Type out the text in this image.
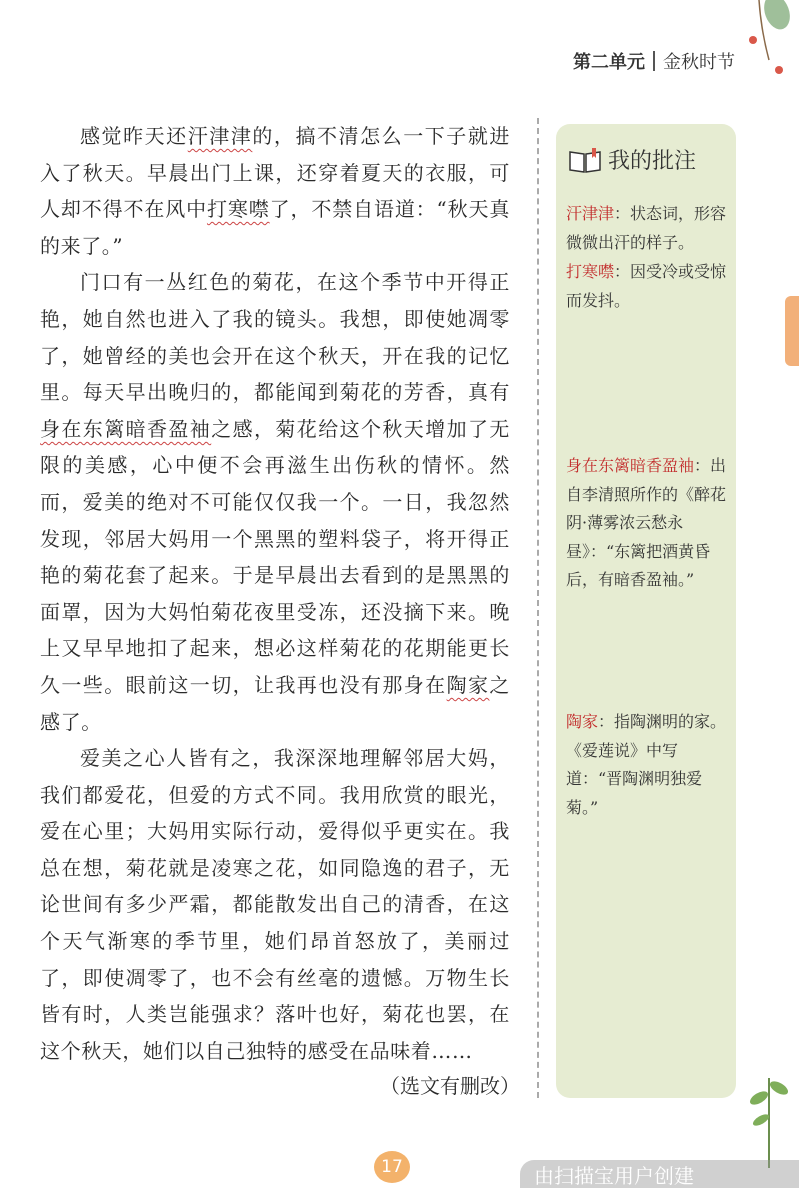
第二单元 金秋时节

感觉昨天还汗津津的，搞不清怎么一下子就进入了秋天。早晨出门上课，还穿着夏天的衣服，可人却不得不在风中打寒噤了，不禁自语道：“秋天真的来了。”

门口有一丛红色的菊花，在这个季节中开得正艳，她自然也进入了我的镜头。我想，即使她凋零了，她曾经的美也会开在这个秋天，开在我的记忆里。每天早出晚归的，都能闻到菊花的芳香，真有身在东篱暗香盈袖之感，菊花给这个秋天增加了无限的美感，心中便不会再滋生出伤秋的情怀。然而，爱美的绝对不可能仅仅我一个。一日，我忽然发现，邻居大妈用一个黑黑的塑料袋子，将开得正艳的菊花套了起来。于是早晨出去看到的是黑黑的面罩，因为大妈怕菊花夜里受冻，还没摘下来。晚上又早早地扣了起来，想必这样菊花的花期能更长久一些。眼前这一切，让我再也没有那身在陶家之感了。

爱美之心人皆有之，我深深地理解邻居大妈，我们都爱花，但爱的方式不同。我用欣赏的眼光，爱在心里；大妈用实际行动，爱得似乎更实在。我总在想，菊花就是凌寒之花，如同隐逸的君子，无论世间有多少严霜，都能散发出自己的清香，在这个天气渐寒的季节里，她们昂首怒放了，美丽过了，即使凋零了，也不会有丝毫的遗憾。万物生长皆有时，人类岂能强求？落叶也好，菊花也罢，在这个秋天，她们以自己独特的感受在品味着……

（选文有删改）
我的批注
汗津津：状态词，形容微微出汗的样子。
打寒噤：因受冷或受惊而发抖。
身在东篱暗香盈袖：出自李清照所作的《醉花阴·薄雾浓云愁永昼》：“东篱把酒黄昏后，有暗香盈袖。”
陶家：指陶渊明的家。《爱莲说》中写道：“晋陶渊明独爱菊。”
17	由扫描宝用户创建
